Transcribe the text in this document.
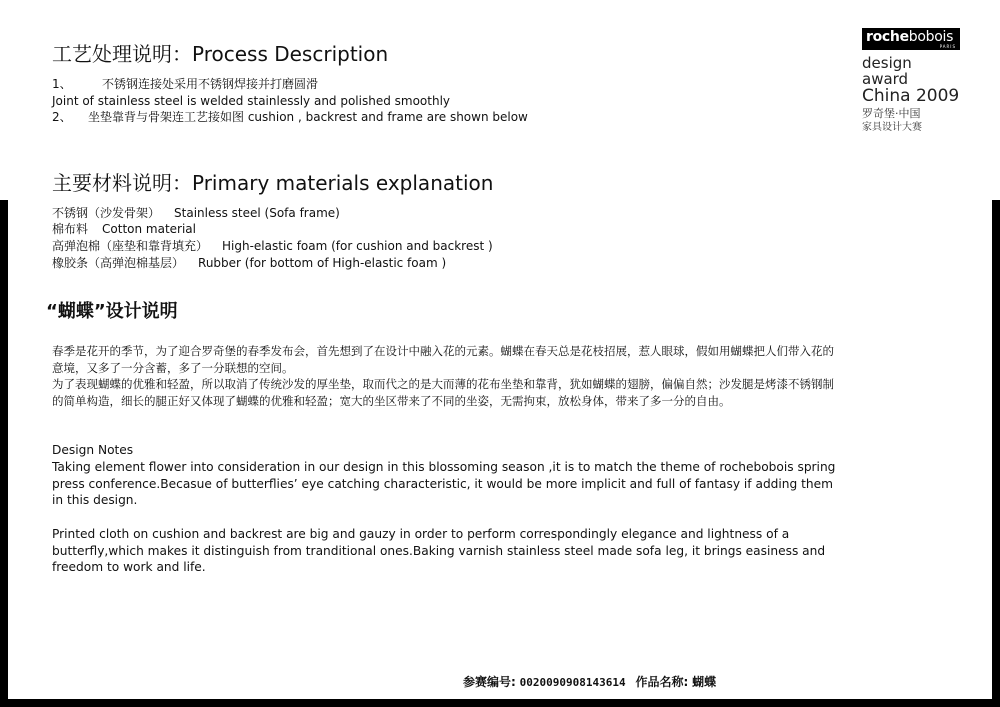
rochebobois
PARIS
design
award
China 2009
罗奇堡·中国
家具设计大赛
工艺处理说明：Process Description
1、	不锈钢连接处采用不锈钢焊接并打磨圆滑
Joint of stainless steel is welded stainlessly and polished smoothly
2、 坐垫靠背与骨架连工艺接如图 cushion , backrest and frame are shown below
主要材料说明：Primary materials explanation
不锈钢（沙发骨架） Stainless steel (Sofa frame)
棉布料 Cotton material
高弹泡棉（座垫和靠背填充） High-elastic foam (for cushion and backrest )
橡胶条（高弹泡棉基层） Rubber (for bottom of High-elastic foam )
“蝴蝶”设计说明
春季是花开的季节，为了迎合罗奇堡的春季发布会，首先想到了在设计中融入花的元素。蝴蝶在春天总是花枝招展，惹人眼球，假如用蝴蝶把人们带入花的意境，又多了一分含蓄，多了一分联想的空间。
为了表现蝴蝶的优雅和轻盈，所以取消了传统沙发的厚坐垫，取而代之的是大而薄的花布坐垫和靠背，犹如蝴蝶的翅膀，偏偏自然；沙发腿是烤漆不锈钢制的简单构造，细长的腿正好又体现了蝴蝶的优雅和轻盈；宽大的坐区带来了不同的坐姿，无需拘束，放松身体，带来了多一分的自由。
Design Notes
Taking element flower into consideration in our design in this blossoming season ,it is to match the theme of rochebobois spring press conference.Becasue of butterflies’ eye catching characteristic, it would be more implicit and full of fantasy if adding them in this design.
Printed cloth on cushion and backrest are big and gauzy in order to perform correspondingly elegance and lightness of a butterfly,which makes it distinguish from tranditional ones.Baking varnish stainless steel made sofa leg, it brings easiness and freedom to work and life.
参赛编号: 0020090908143614 作品名称: 蝴蝶
